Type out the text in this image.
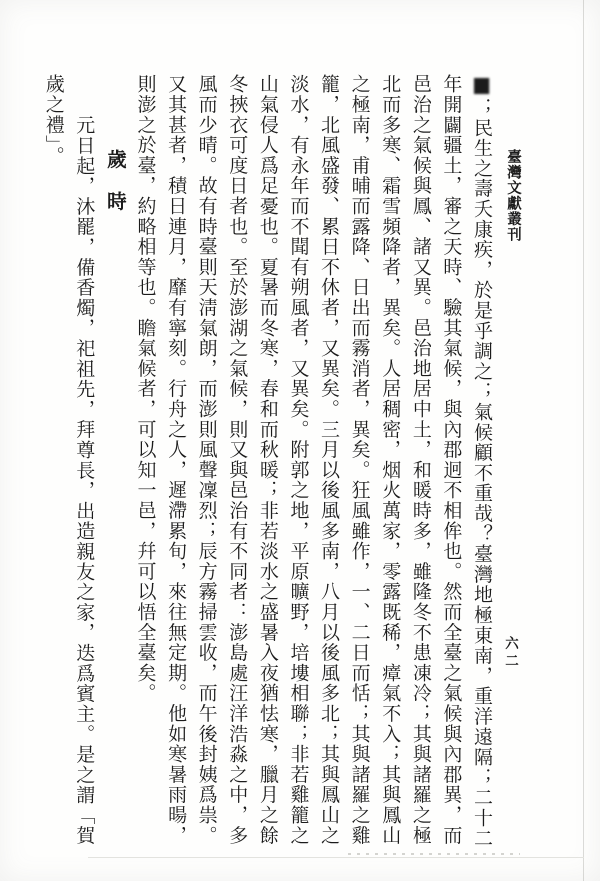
臺灣文獻叢刊
六二
■；民生之壽夭康疾，於是乎調之；氣候顧不重哉？臺灣地極東南，重洋遠隔；二十二
年開闢疆土，審之天時、驗其氣候，與內郡迥不相侔也。然而全臺之氣候與內郡異，而
邑治之氣候與鳳、諸又異。邑治地居中土，和暖時多，雖隆冬不患凍冷；其與諸羅之極
北而多寒、霜雪頻降者，異矣。人居稠密，烟火萬家，零露既稀，瘴氣不入；其與鳳山
之極南，甫晡而露降、日出而霧消者，異矣。狂風雖作，一、二日而恬；其與諸羅之雞
籠，北風盛發、累日不休者，又異矣。三月以後風多南，八月以後風多北；其與鳳山之
淡水，有永年而不聞有朔風者，又異矣。附郭之地，平原曠野，培塿相聯；非若雞籠之
山氣侵人爲足憂也。夏暑而冬寒，春和而秋暖；非若淡水之盛暑入夜猶怯寒，臘月之餘
冬挾衣可度日者也。至於澎湖之氣候，則又與邑治有不同者：澎島處汪洋浩淼之中，多
風而少晴。故有時臺則天淸氣朗，而澎則風聲凜烈；辰方霧掃雲收，而午後封姨爲祟。
又其甚者，積日連月，靡有寧刻。行舟之人，遲滯累旬，來往無定期。他如寒暑雨暘，
則澎之於臺，約略相等也。瞻氣候者，可以知一邑，幷可以悟全臺矣。
歲　時
元日起，沐罷，備香燭，祀祖先，拜尊長，出造親友之家，迭爲賓主。是之謂「賀
歲之禮」。
